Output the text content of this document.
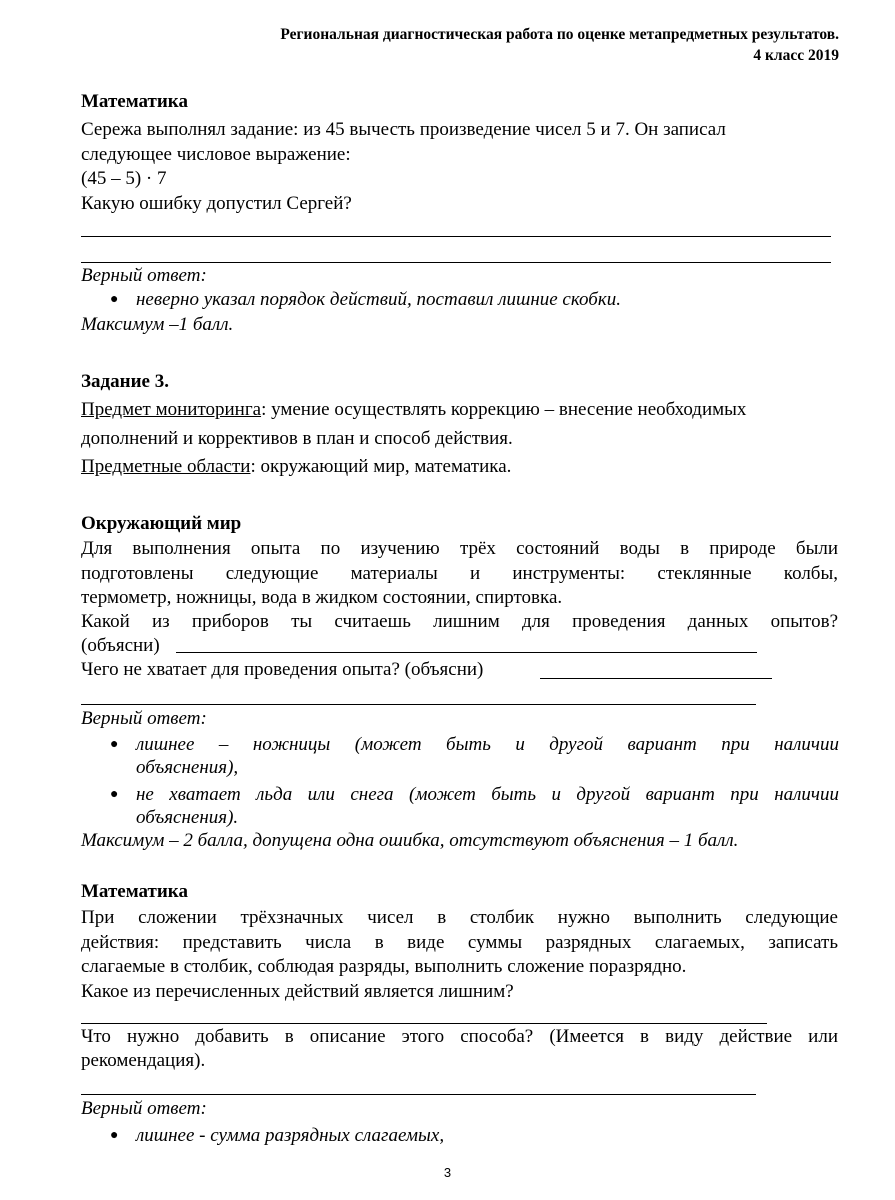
Региональная диагностическая работа по оценке метапредметных результатов.
4 класс 2019
Математика
Сережа выполнял задание: из 45 вычесть произведение чисел 5 и 7. Он записал
следующее числовое выражение:
(45 – 5) · 7
Какую ошибку допустил Сергей?
Верный ответ:
● неверно указал порядок действий, поставил лишние скобки.
Максимум –1 балл.
Задание 3.
Предмет мониторинга: умение осуществлять коррекцию – внесение необходимых
дополнений и коррективов в план и способ действия.
Предметные области: окружающий мир, математика.
Окружающий мир
Для выполнения опыта по изучению трёх состояний воды в природе были
подготовлены следующие материалы и инструменты: стеклянные колбы,
термометр, ножницы, вода в жидком состоянии, спиртовка.
Какой из приборов ты считаешь лишним для проведения данных опытов?
(объясни)
Чего не хватает для проведения опыта? (объясни)
Верный ответ:
● лишнее – ножницы (может быть и другой вариант при наличии
объяснения),
● не хватает льда или снега (может быть и другой вариант при наличии
объяснения).
Максимум – 2 балла, допущена одна ошибка, отсутствуют объяснения – 1 балл.
Математика
При сложении трёхзначных чисел в столбик нужно выполнить следующие
действия: представить числа в виде суммы разрядных слагаемых, записать
слагаемые в столбик, соблюдая разряды, выполнить сложение поразрядно.
Какое из перечисленных действий является лишним?
Что нужно добавить в описание этого способа? (Имеется в виду действие или
рекомендация).
Верный ответ:
● лишнее - сумма разрядных слагаемых,
3
